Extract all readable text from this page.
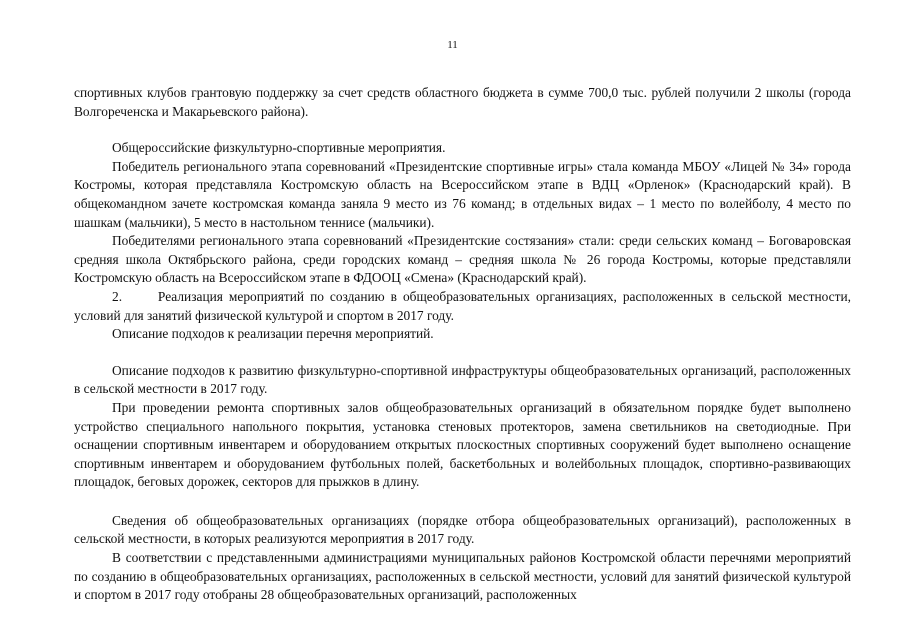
11

спортивных клубов грантовую поддержку за счет средств областного бюджета в сумме 700,0 тыс. рублей получили 2 школы (города Волгореченска и Макарьевского района).

Общероссийские физкультурно-спортивные мероприятия.

Победитель регионального этапа соревнований «Президентские спортивные игры» стала команда МБОУ «Лицей № 34» города Костромы, которая представляла Костромскую область на Всероссийском этапе в ВДЦ «Орленок» (Краснодарский край). В общекомандном зачете костромская команда заняла 9 место из 76 команд; в отдельных видах – 1 место по волейболу, 4 место по шашкам (мальчики), 5 место в настольном теннисе (мальчики).

Победителями регионального этапа соревнований «Президентские состязания» стали: среди сельских команд – Боговаровская средняя школа Октябрьского района, среди городских команд – средняя школа № 26 города Костромы, которые представляли Костромскую область на Всероссийском этапе в ФДООЦ «Смена» (Краснодарский край).

2.      Реализация мероприятий по созданию в общеобразовательных организациях, расположенных в сельской местности, условий для занятий физической культурой и спортом в 2017 году.

Описание подходов к реализации перечня мероприятий.

Описание подходов к развитию физкультурно-спортивной инфраструктуры общеобразовательных организаций, расположенных в сельской местности в 2017 году.

При проведении ремонта спортивных залов общеобразовательных организаций в обязательном порядке будет выполнено устройство специального напольного покрытия, установка стеновых протекторов, замена светильников на светодиодные. При оснащении спортивным инвентарем и оборудованием открытых плоскостных спортивных сооружений будет выполнено оснащение спортивным инвентарем и оборудованием футбольных полей, баскетбольных и волейбольных площадок, спортивно-развивающих площадок, беговых дорожек, секторов для прыжков в длину.

Сведения об общеобразовательных организациях (порядке отбора общеобразовательных организаций), расположенных в сельской местности, в которых реализуются мероприятия в 2017 году.

В соответствии с представленными администрациями муниципальных районов Костромской области перечнями мероприятий по созданию в общеобразовательных организациях, расположенных в сельской местности, условий для занятий физической культурой и спортом в 2017 году отобраны 28 общеобразовательных организаций, расположенных
